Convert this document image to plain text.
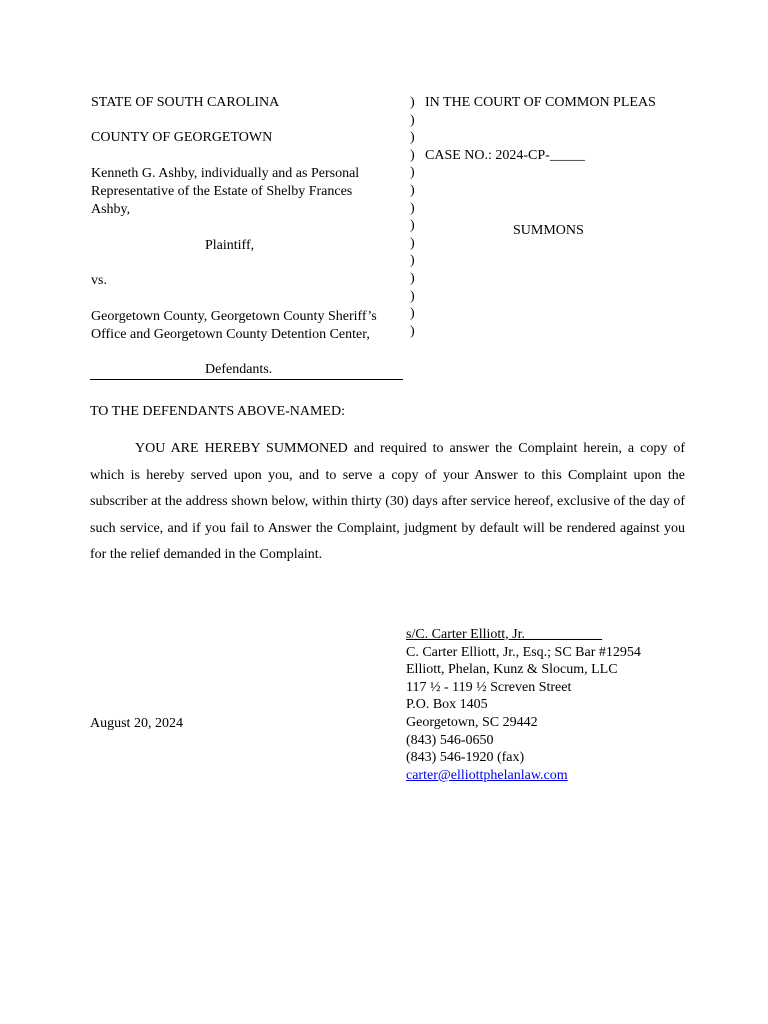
STATE OF SOUTH CAROLINA
COUNTY OF GEORGETOWN
Kenneth G. Ashby, individually and as Personal
Representative of the Estate of Shelby Frances
Ashby,
Plaintiff,
vs.
Georgetown County, Georgetown County Sheriff’s
Office and Georgetown County Detention Center,
Defendants.
)
)
)
)
)
)
)
)
)
)
)
)
)
)
IN THE COURT OF COMMON PLEAS
CASE NO.: 2024-CP-_____
SUMMONS
TO THE DEFENDANTS ABOVE-NAMED:
YOU ARE HEREBY SUMMONED and required to answer the Complaint herein, a copy of which is hereby served upon you, and to serve a copy of your Answer to this Complaint upon the subscriber at the address shown below, within thirty (30) days after service hereof, exclusive of the day of such service, and if you fail to Answer the Complaint, judgment by default will be rendered against you for the relief demanded in the Complaint.
August 20, 2024
s/C. Carter Elliott, Jr.___________
C. Carter Elliott, Jr., Esq.; SC Bar #12954
Elliott, Phelan, Kunz & Slocum, LLC
117 ½ - 119 ½ Screven Street
P.O. Box 1405
Georgetown, SC 29442
(843) 546-0650
(843) 546-1920 (fax)
carter@elliottphelanlaw.com
